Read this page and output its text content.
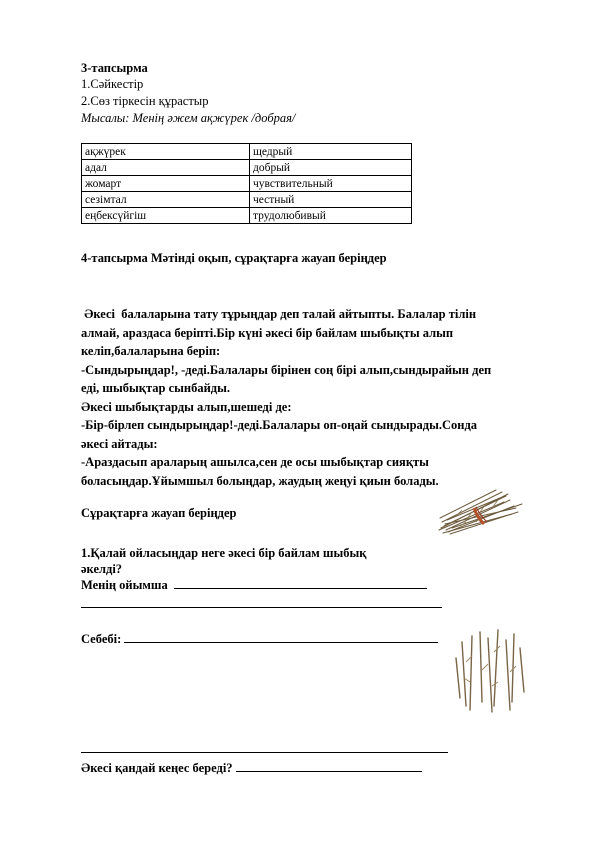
3-тапсырма
1.Сәйкестір
2.Сөз тіркесін құрастыр
Мысалы: Менің әжем ақжүрек /добрая/
ақжүрек	щедрый
адал	добрый
жомарт	чувствительный
сезімтал	честный
еңбексүйгіш	трудолюбивый
4-тапсырма Мәтінді оқып, сұрақтарға жауап беріңдер
Әкесі  балаларына тату тұрыңдар деп талай айтыпты. Балалар тілін
алмай, араздаса беріпті.Бір күні әкесі бір байлам шыбықты алып
келіп,балаларына беріп:
-Сындырыңдар!, -деді.Балалары бірінен соң бірі алып,сындырайын деп
еді, шыбықтар сынбайды.
Әкесі шыбықтарды алып,шешеді де:
-Бір-бірлеп сындырыңдар!-деді.Балалары оп-оңай сындырады.Сонда
әкесі айтады:
-Араздасып араларың ашылса,сен де осы шыбықтар сияқты
боласыңдар.Ұйымшыл болыңдар, жаудың жеңуі қиын болады.
Сұрақтарға жауап беріңдер
1.Қалай ойласыңдар неге әкесі бір байлам шыбық
әкелді?
Менің ойымша
Себебі:
Әкесі қандай кеңес береді?
